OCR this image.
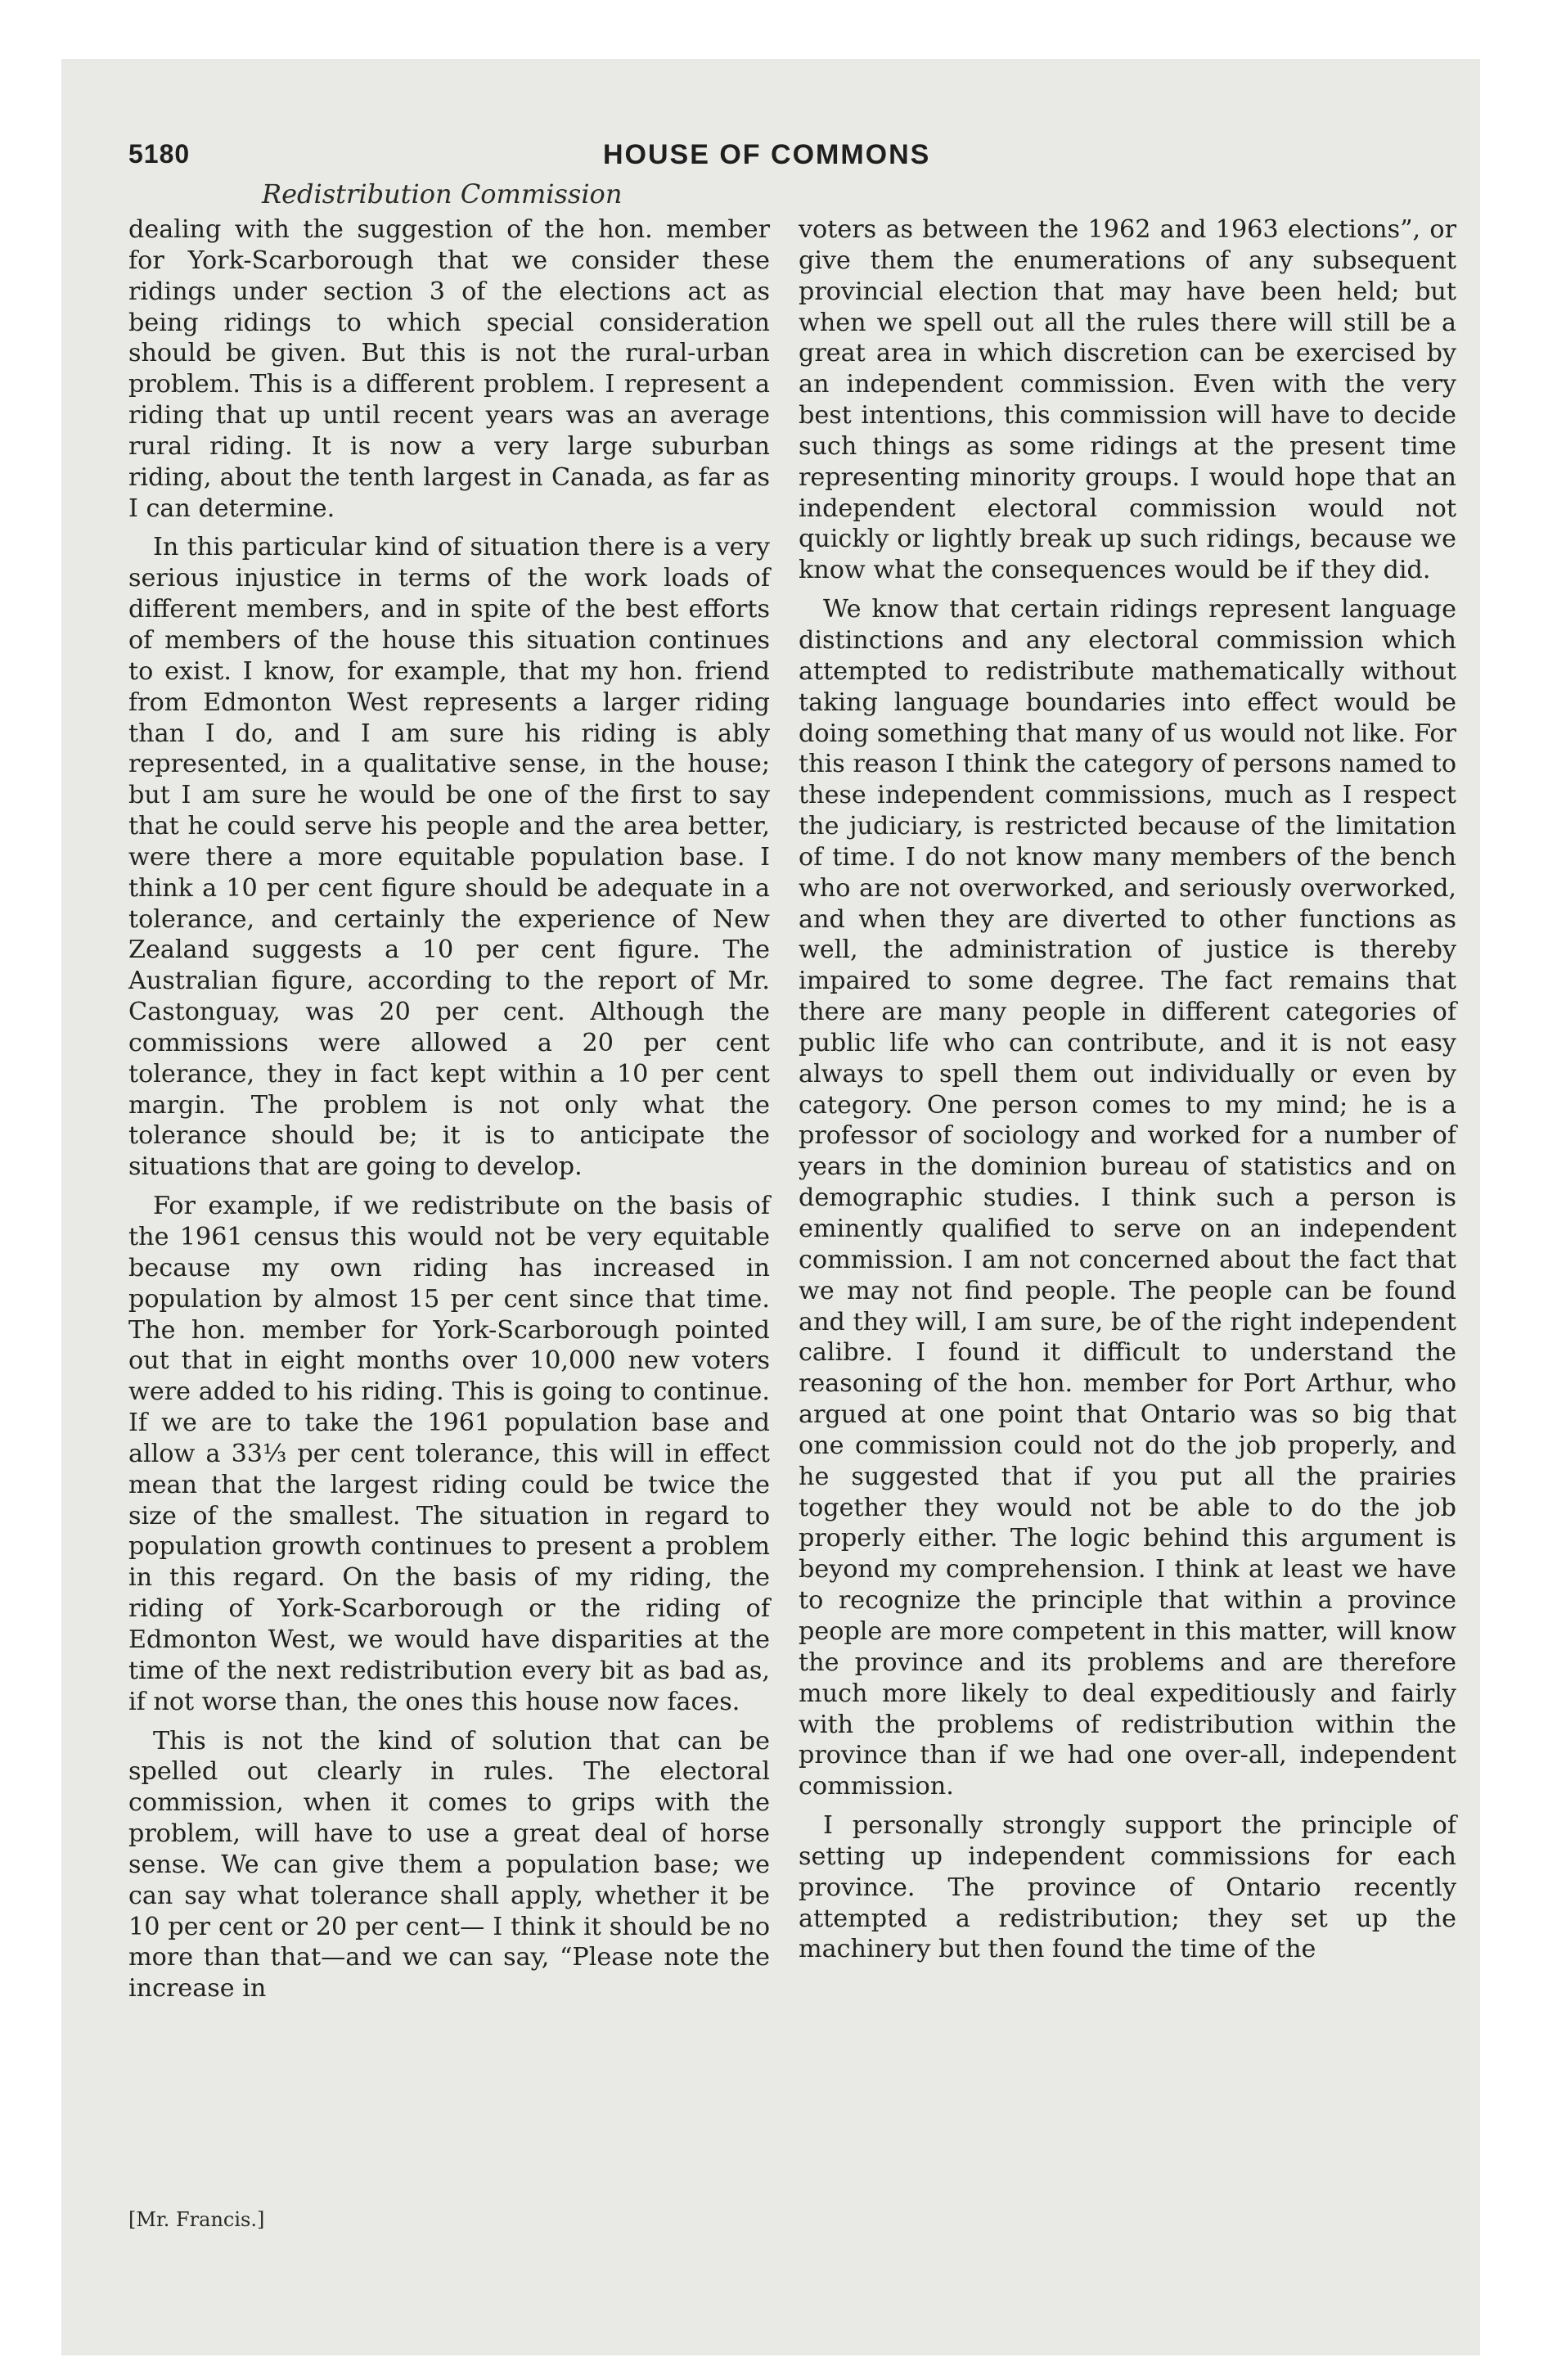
5180	HOUSE OF COMMONS
Redistribution Commission

dealing with the suggestion of the hon. member for York-Scarborough that we consider these ridings under section 3 of the elections act as being ridings to which special consideration should be given. But this is not the rural-urban problem. This is a different problem. I represent a riding that up until recent years was an average rural riding. It is now a very large suburban riding, about the tenth largest in Canada, as far as I can determine.

In this particular kind of situation there is a very serious injustice in terms of the work loads of different members, and in spite of the best efforts of members of the house this situation continues to exist. I know, for example, that my hon. friend from Edmonton West represents a larger riding than I do, and I am sure his riding is ably represented, in a qualitative sense, in the house; but I am sure he would be one of the first to say that he could serve his people and the area better, were there a more equitable population base. I think a 10 per cent figure should be adequate in a tolerance, and certainly the experience of New Zealand suggests a 10 per cent figure. The Australian figure, according to the report of Mr. Castonguay, was 20 per cent. Although the commissions were allowed a 20 per cent tolerance, they in fact kept within a 10 per cent margin. The problem is not only what the tolerance should be; it is to anticipate the situations that are going to develop.

For example, if we redistribute on the basis of the 1961 census this would not be very equitable because my own riding has increased in population by almost 15 per cent since that time. The hon. member for York-Scarborough pointed out that in eight months over 10,000 new voters were added to his riding. This is going to continue. If we are to take the 1961 population base and allow a 33⅓ per cent tolerance, this will in effect mean that the largest riding could be twice the size of the smallest. The situation in regard to population growth continues to present a problem in this regard. On the basis of my riding, the riding of York-Scarborough or the riding of Edmonton West, we would have disparities at the time of the next redistribution every bit as bad as, if not worse than, the ones this house now faces.

This is not the kind of solution that can be spelled out clearly in rules. The electoral commission, when it comes to grips with the problem, will have to use a great deal of horse sense. We can give them a population base; we can say what tolerance shall apply, whether it be 10 per cent or 20 per cent— I think it should be no more than that—and we can say, “Please note the increase in

voters as between the 1962 and 1963 elections”, or give them the enumerations of any subsequent provincial election that may have been held; but when we spell out all the rules there will still be a great area in which discretion can be exercised by an independent commission. Even with the very best intentions, this commission will have to decide such things as some ridings at the present time representing minority groups. I would hope that an independent electoral commission would not quickly or lightly break up such ridings, because we know what the consequences would be if they did.

We know that certain ridings represent language distinctions and any electoral commission which attempted to redistribute mathematically without taking language boundaries into effect would be doing something that many of us would not like. For this reason I think the category of persons named to these independent commissions, much as I respect the judiciary, is restricted because of the limitation of time. I do not know many members of the bench who are not overworked, and seriously overworked, and when they are diverted to other functions as well, the administration of justice is thereby impaired to some degree. The fact remains that there are many people in different categories of public life who can contribute, and it is not easy always to spell them out individually or even by category. One person comes to my mind; he is a professor of sociology and worked for a number of years in the dominion bureau of statistics and on demographic studies. I think such a person is eminently qualified to serve on an independent commission. I am not concerned about the fact that we may not find people. The people can be found and they will, I am sure, be of the right independent calibre. I found it difficult to understand the reasoning of the hon. member for Port Arthur, who argued at one point that Ontario was so big that one commission could not do the job properly, and he suggested that if you put all the prairies together they would not be able to do the job properly either. The logic behind this argument is beyond my comprehension. I think at least we have to recognize the principle that within a province people are more competent in this matter, will know the province and its problems and are therefore much more likely to deal expeditiously and fairly with the problems of redistribution within the province than if we had one over-all, independent commission.

I personally strongly support the principle of setting up independent commissions for each province. The province of Ontario recently attempted a redistribution; they set up the machinery but then found the time of the

[Mr. Francis.]
